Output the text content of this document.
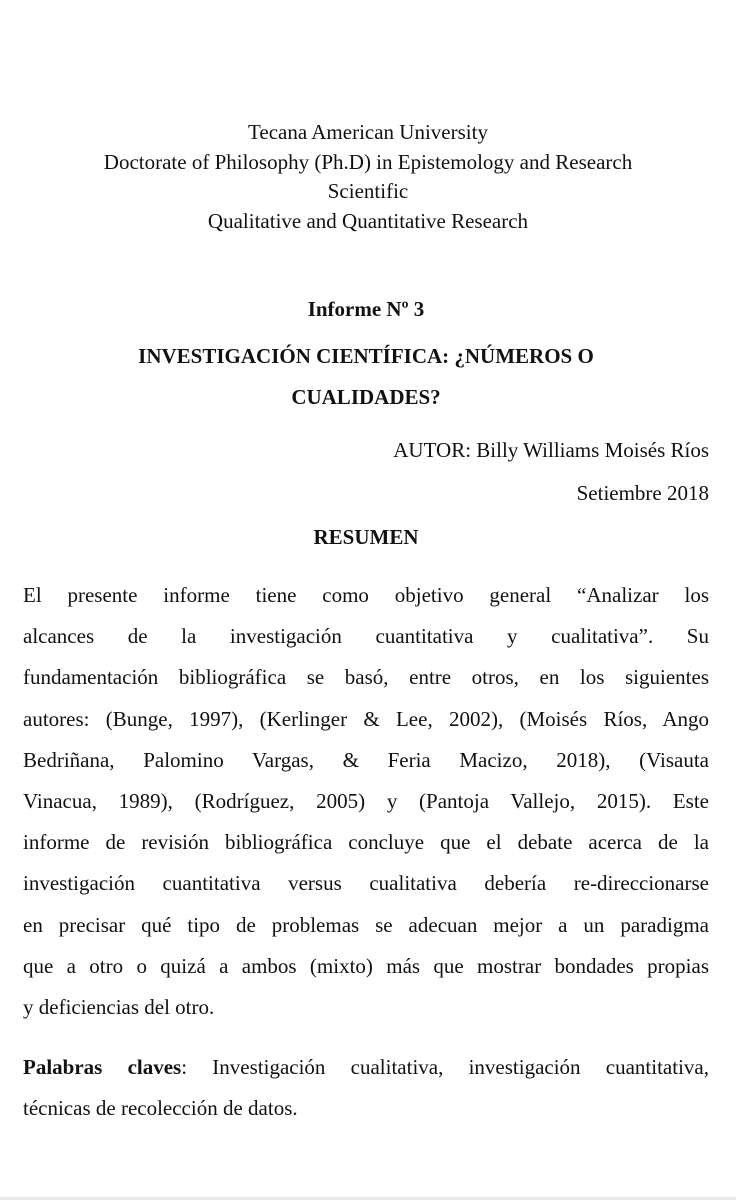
Tecana American University
Doctorate of Philosophy (Ph.D) in Epistemology and Research
Scientific
Qualitative and Quantitative Research
Informe Nº 3
INVESTIGACIÓN CIENTÍFICA: ¿NÚMEROS O
CUALIDADES?
AUTOR: Billy Williams Moisés Ríos
Setiembre 2018
RESUMEN
El presente informe tiene como objetivo general “Analizar los
alcances de la investigación cuantitativa y cualitativa”. Su
fundamentación bibliográfica se basó, entre otros, en los siguientes
autores: (Bunge, 1997), (Kerlinger & Lee, 2002), (Moisés Ríos, Ango
Bedriñana, Palomino Vargas, & Feria Macizo, 2018), (Visauta
Vinacua, 1989), (Rodríguez, 2005) y (Pantoja Vallejo, 2015). Este
informe de revisión bibliográfica concluye que el debate acerca de la
investigación cuantitativa versus cualitativa debería re-direccionarse
en precisar qué tipo de problemas se adecuan mejor a un paradigma
que a otro o quizá a ambos (mixto) más que mostrar bondades propias
y deficiencias del otro.
Palabras claves: Investigación cualitativa, investigación cuantitativa,
técnicas de recolección de datos.
